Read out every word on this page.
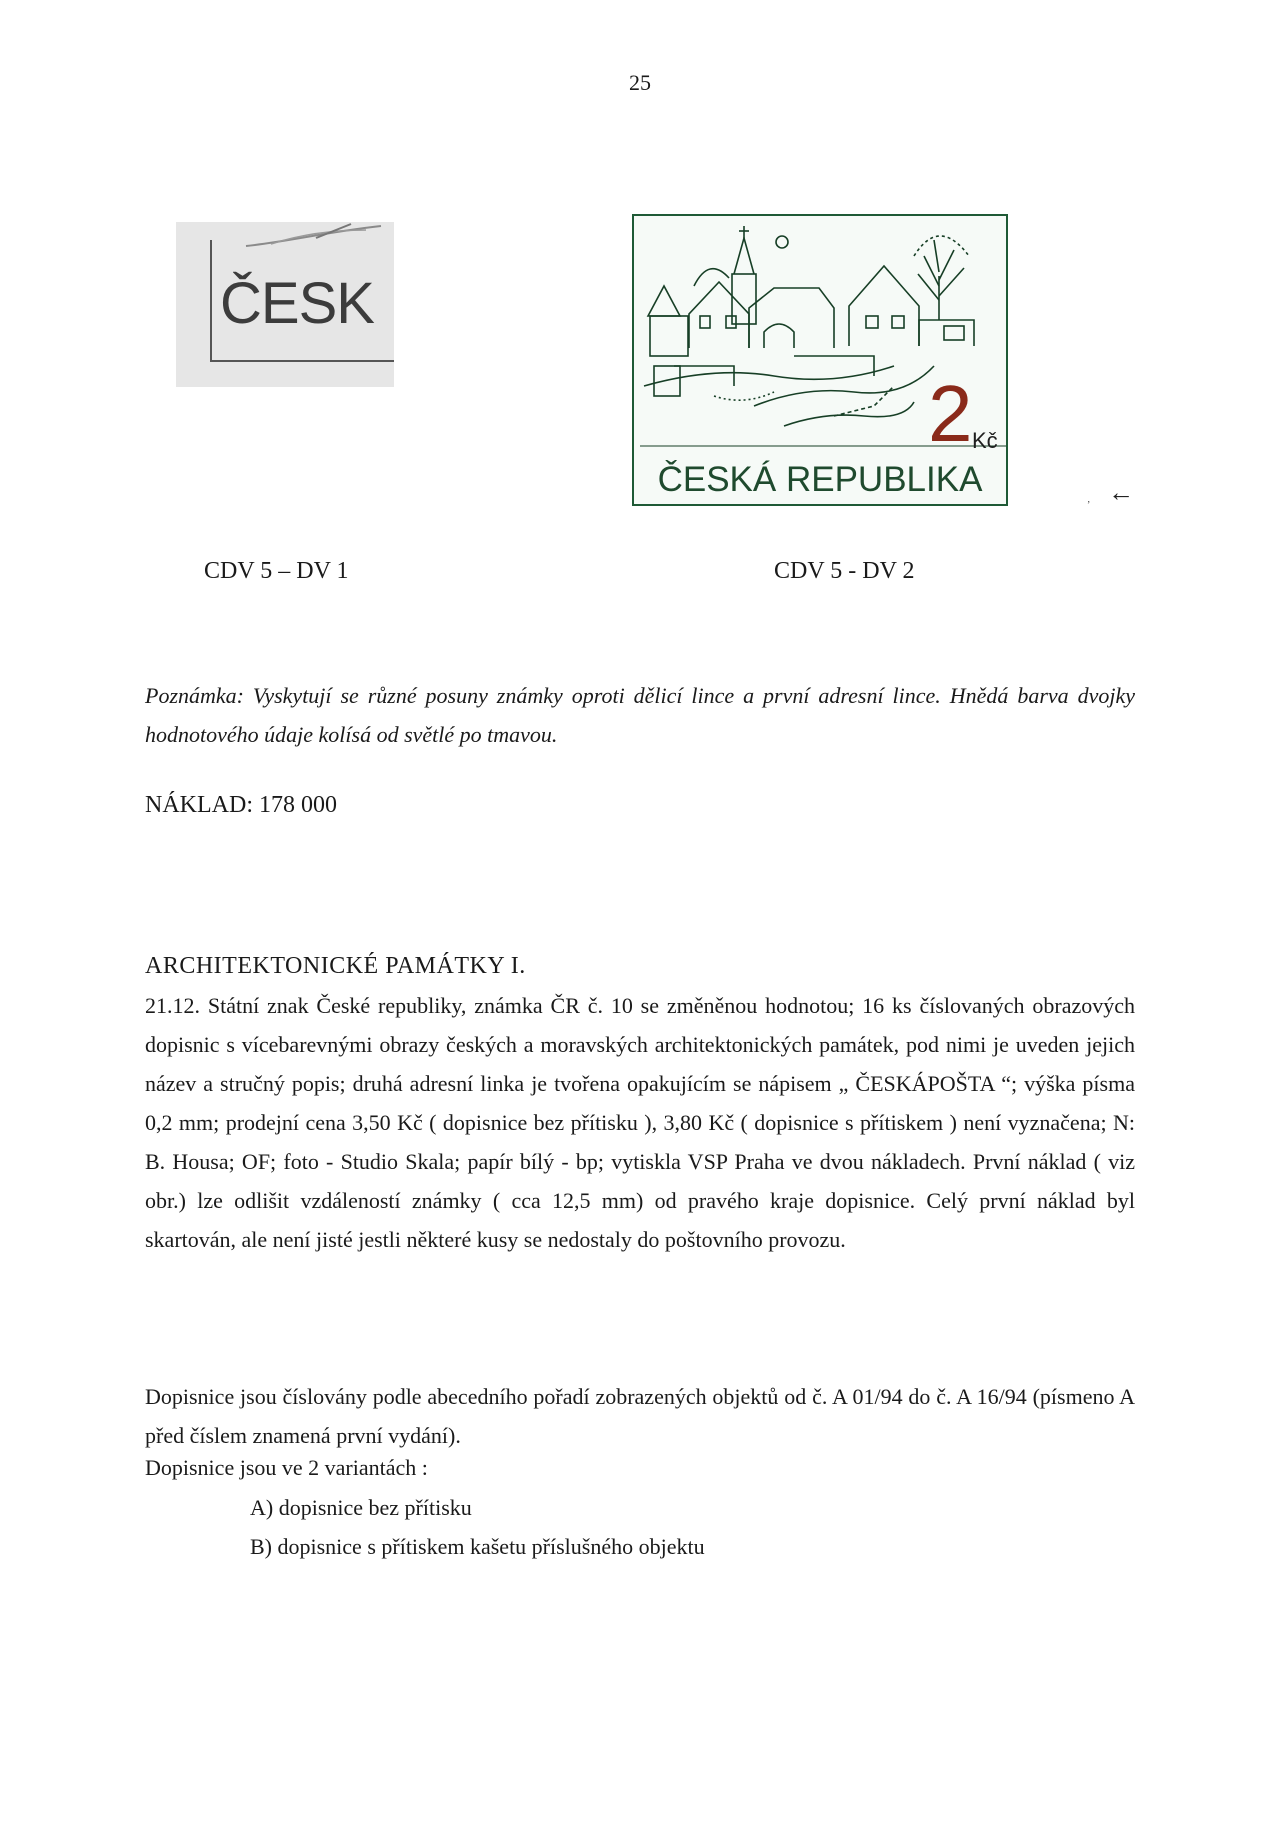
25
ČESK
2 Kč
ČESKÁ REPUBLIKA
‚ ←
CDV 5 – DV 1	CDV 5 - DV 2
Poznámka: Vyskytují se různé posuny známky oproti dělicí lince a první adresní lince. Hnědá barva dvojky hodnotového údaje kolísá od světlé po tmavou.
NÁKLAD: 178 000
ARCHITEKTONICKÉ PAMÁTKY I.
21.12. Státní znak České republiky, známka ČR č. 10 se změněnou hodnotou; 16 ks číslovaných obrazových dopisnic s vícebarevnými obrazy českých a moravských architektonických památek, pod nimi je uveden jejich název a stručný popis; druhá adresní linka je tvořena opakujícím se nápisem „ ČESKÁPOŠTA “; výška písma 0,2 mm; prodejní cena 3,50 Kč ( dopisnice bez přítisku ), 3,80 Kč ( dopisnice s přítiskem ) není vyznačena; N: B. Housa; OF; foto - Studio Skala; papír bílý - bp; vytiskla VSP Praha ve dvou nákladech. První náklad ( viz obr.) lze odlišit vzdáleností známky ( cca 12,5 mm) od pravého kraje dopisnice. Celý první náklad byl skartován, ale není jisté jestli některé kusy se nedostaly do poštovního provozu.
Dopisnice jsou číslovány podle abecedního pořadí zobrazených objektů od č. A 01/94 do č. A 16/94 (písmeno A před číslem znamená první vydání).
Dopisnice jsou ve 2 variantách :
A) dopisnice bez přítisku
B) dopisnice s přítiskem kašetu příslušného objektu
